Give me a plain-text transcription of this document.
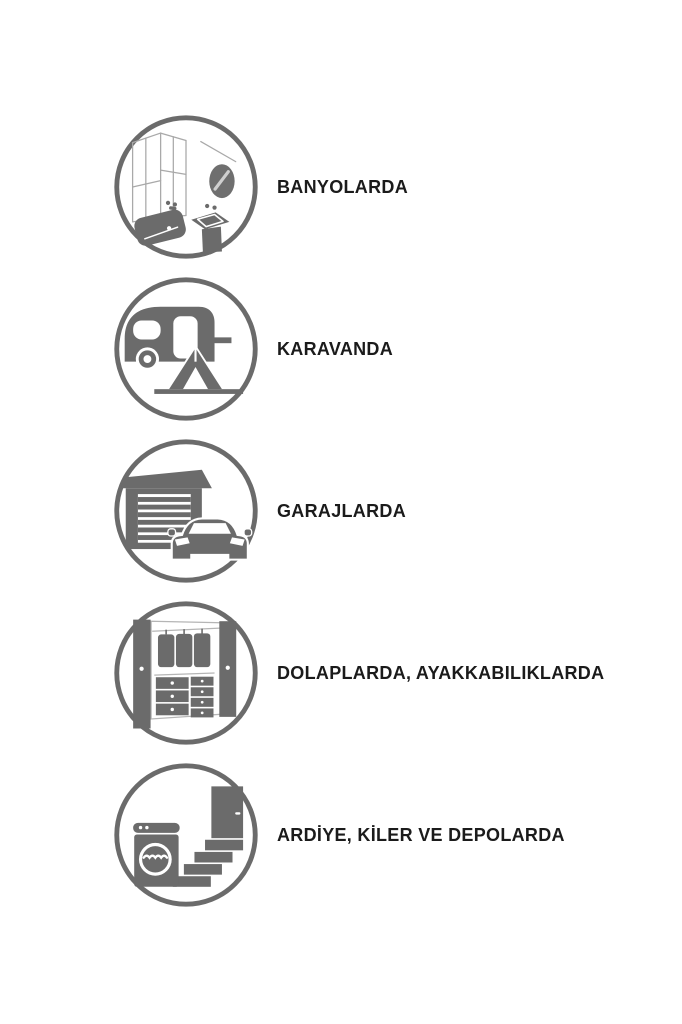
BANYOLARDA
KARAVANDA
GARAJLARDA
DOLAPLARDA, AYAKKABILIKLARDA
ARDİYE, KİLER VE DEPOLARDA
